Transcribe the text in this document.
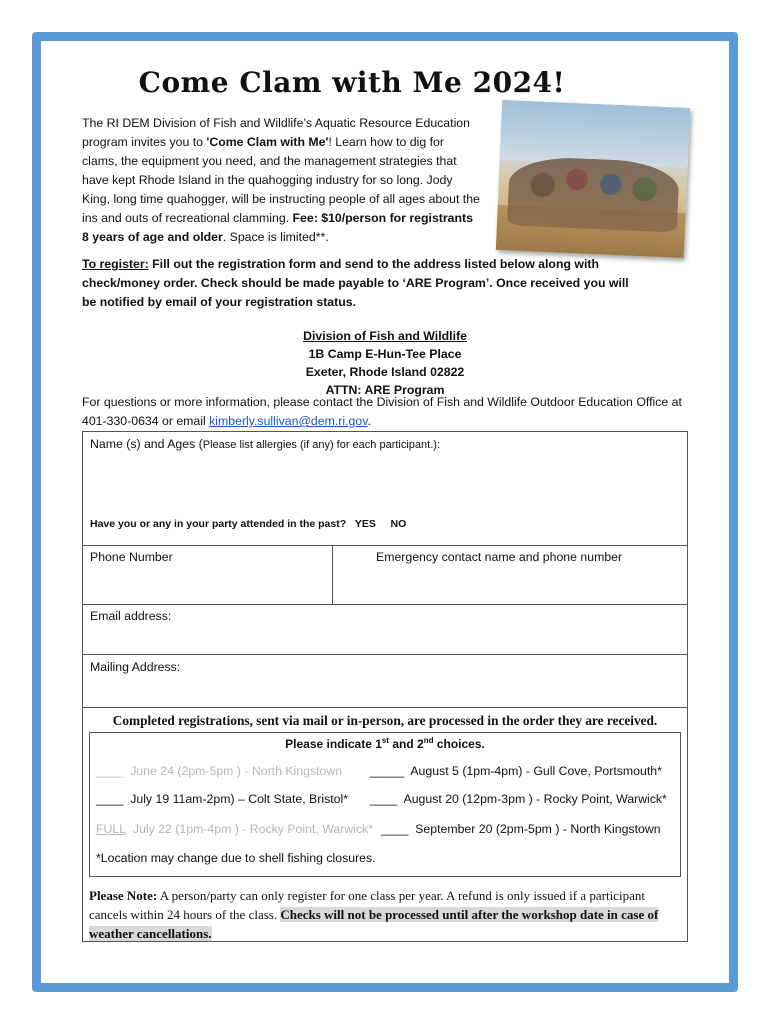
Come Clam with Me 2024!
The RI DEM Division of Fish and Wildlife’s Aquatic Resource Education program invites you to 'Come Clam with Me'! Learn how to dig for clams, the equipment you need, and the management strategies that have kept Rhode Island in the quahogging industry for so long. Jody King, long time quahogger, will be instructing people of all ages about the ins and outs of recreational clamming. Fee: $10/person for registrants 8 years of age and older. Space is limited**.
To register: Fill out the registration form and send to the address listed below along with check/money order. Check should be made payable to ‘ARE Program’. Once received you will be notified by email of your registration status.
Division of Fish and Wildlife
1B Camp E-Hun-Tee Place
Exeter, Rhode Island 02822
ATTN: ARE Program
For questions or more information, please contact the Division of Fish and Wildlife Outdoor Education Office at 401-330-0634 or email kimberly.sullivan@dem.ri.gov.
Name (s) and Ages (Please list allergies (if any) for each participant.):
Have you or any in your party attended in the past? YES NO
Phone Number	Emergency contact name and phone number
Email address:
Mailing Address:
Completed registrations, sent via mail or in-person, are processed in the order they are received.
Please indicate 1st and 2nd choices.
____ June 24 (2pm-5pm ) - North Kingstown _____ August 5 (1pm-4pm) - Gull Cove, Portsmouth*
____ July 19 11am-2pm) – Colt State, Bristol* ____ August 20 (12pm-3pm ) - Rocky Point, Warwick*
FULL July 22 (1pm-4pm ) - Rocky Point, Warwick* ____ September 20 (2pm-5pm ) - North Kingstown
*Location may change due to shell fishing closures.
Please Note: A person/party can only register for one class per year. A refund is only issued if a participant cancels within 24 hours of the class. Checks will not be processed until after the workshop date in case of weather cancellations.
